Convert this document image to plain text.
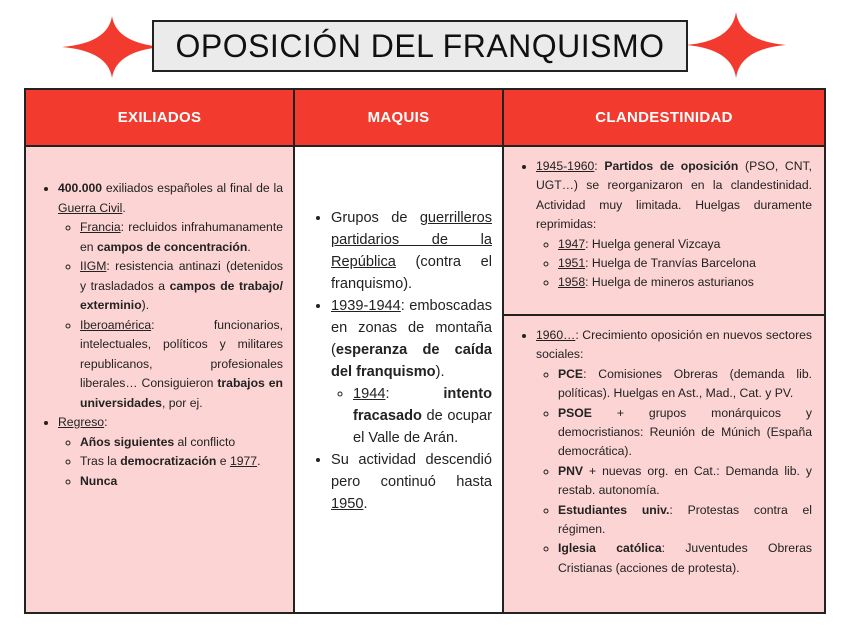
OPOSICIÓN DEL FRANQUISMO
EXILIADOS	MAQUIS	CLANDESTINIDAD
• 400.000 exiliados españoles al final de la Guerra Civil.
◦ Francia: recluidos infrahumanamente en campos de concentración.
◦ IIGM: resistencia antinazi (detenidos y trasladados a campos de trabajo/ exterminio).
◦ Iberoamérica: funcionarios, intelectuales, políticos y militares republicanos, profesionales liberales… Consiguieron trabajos en universidades, por ej.
• Regreso:
◦ Años siguientes al conflicto
◦ Tras la democratización e 1977.
◦ Nunca
• Grupos de guerrilleros partidarios de la República (contra el franquismo).
• 1939-1944: emboscadas en zonas de montaña (esperanza de caída del franquismo).
◦ 1944: intento fracasado de ocupar el Valle de Arán.
• Su actividad descendió pero continuó hasta 1950.
• 1945-1960: Partidos de oposición (PSO, CNT, UGT…) se reorganizaron en la clandestinidad. Actividad muy limitada. Huelgas duramente reprimidas:
◦ 1947: Huelga general Vizcaya
◦ 1951: Huelga de Tranvías Barcelona
◦ 1958: Huelga de mineros asturianos
• 1960…: Crecimiento oposición en nuevos sectores sociales:
◦ PCE: Comisiones Obreras (demanda lib. políticas). Huelgas en Ast., Mad., Cat. y PV.
◦ PSOE + grupos monárquicos y democristianos: Reunión de Múnich (España democrática).
◦ PNV + nuevas org. en Cat.: Demanda lib. y restab. autonomía.
◦ Estudiantes univ.: Protestas contra el régimen.
◦ Iglesia católica: Juventudes Obreras Cristianas (acciones de protesta).
